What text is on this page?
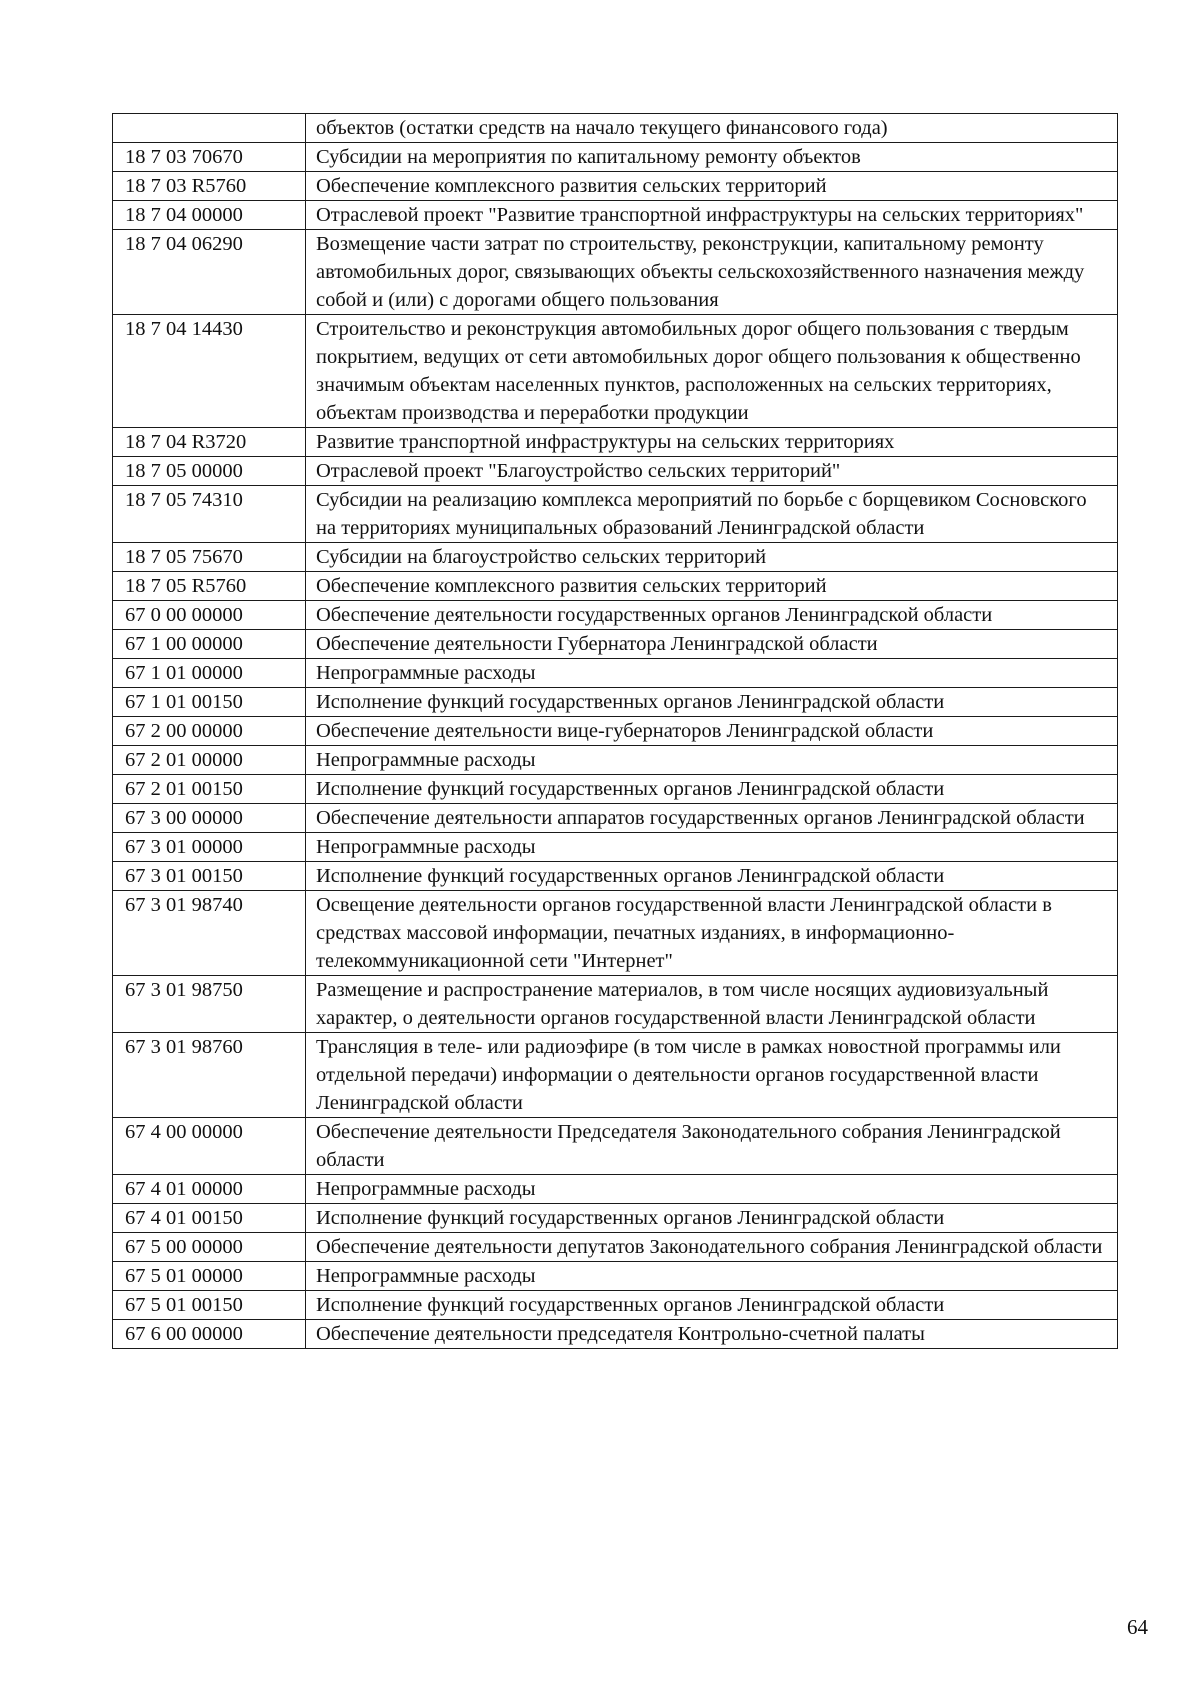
	объектов (остатки средств на начало текущего финансового года)
18 7 03 70670	Субсидии на мероприятия по капитальному ремонту объектов
18 7 03 R5760	Обеспечение комплексного развития сельских территорий
18 7 04 00000	Отраслевой проект "Развитие транспортной инфраструктуры на сельских территориях"
18 7 04 06290	Возмещение части затрат по строительству, реконструкции, капитальному ремонту автомобильных дорог, связывающих объекты сельскохозяйственного назначения между собой и (или) с дорогами общего пользования
18 7 04 14430	Строительство и реконструкция автомобильных дорог общего пользования с твердым покрытием, ведущих от сети автомобильных дорог общего пользования к общественно значимым объектам населенных пунктов, расположенных на сельских территориях, объектам производства и переработки продукции
18 7 04 R3720	Развитие транспортной инфраструктуры на сельских территориях
18 7 05 00000	Отраслевой проект "Благоустройство сельских территорий"
18 7 05 74310	Субсидии на реализацию комплекса мероприятий по борьбе с борщевиком Сосновского на территориях муниципальных образований Ленинградской области
18 7 05 75670	Субсидии на благоустройство сельских территорий
18 7 05 R5760	Обеспечение комплексного развития сельских территорий
67 0 00 00000	Обеспечение деятельности государственных органов Ленинградской области
67 1 00 00000	Обеспечение деятельности Губернатора Ленинградской области
67 1 01 00000	Непрограммные расходы
67 1 01 00150	Исполнение функций государственных органов Ленинградской области
67 2 00 00000	Обеспечение деятельности вице-губернаторов Ленинградской области
67 2 01 00000	Непрограммные расходы
67 2 01 00150	Исполнение функций государственных органов Ленинградской области
67 3 00 00000	Обеспечение деятельности аппаратов государственных органов Ленинградской области
67 3 01 00000	Непрограммные расходы
67 3 01 00150	Исполнение функций государственных органов Ленинградской области
67 3 01 98740	Освещение деятельности органов государственной власти Ленинградской области в средствах массовой информации, печатных изданиях, в информационно-телекоммуникационной сети "Интернет"
67 3 01 98750	Размещение и распространение материалов, в том числе носящих аудиовизуальный характер, о деятельности органов государственной власти Ленинградской области
67 3 01 98760	Трансляция в теле- или радиоэфире (в том числе в рамках новостной программы или отдельной передачи) информации о деятельности органов государственной власти Ленинградской области
67 4 00 00000	Обеспечение деятельности Председателя Законодательного собрания Ленинградской области
67 4 01 00000	Непрограммные расходы
67 4 01 00150	Исполнение функций государственных органов Ленинградской области
67 5 00 00000	Обеспечение деятельности депутатов Законодательного собрания Ленинградской области
67 5 01 00000	Непрограммные расходы
67 5 01 00150	Исполнение функций государственных органов Ленинградской области
67 6 00 00000	Обеспечение деятельности председателя Контрольно-счетной палаты
64
